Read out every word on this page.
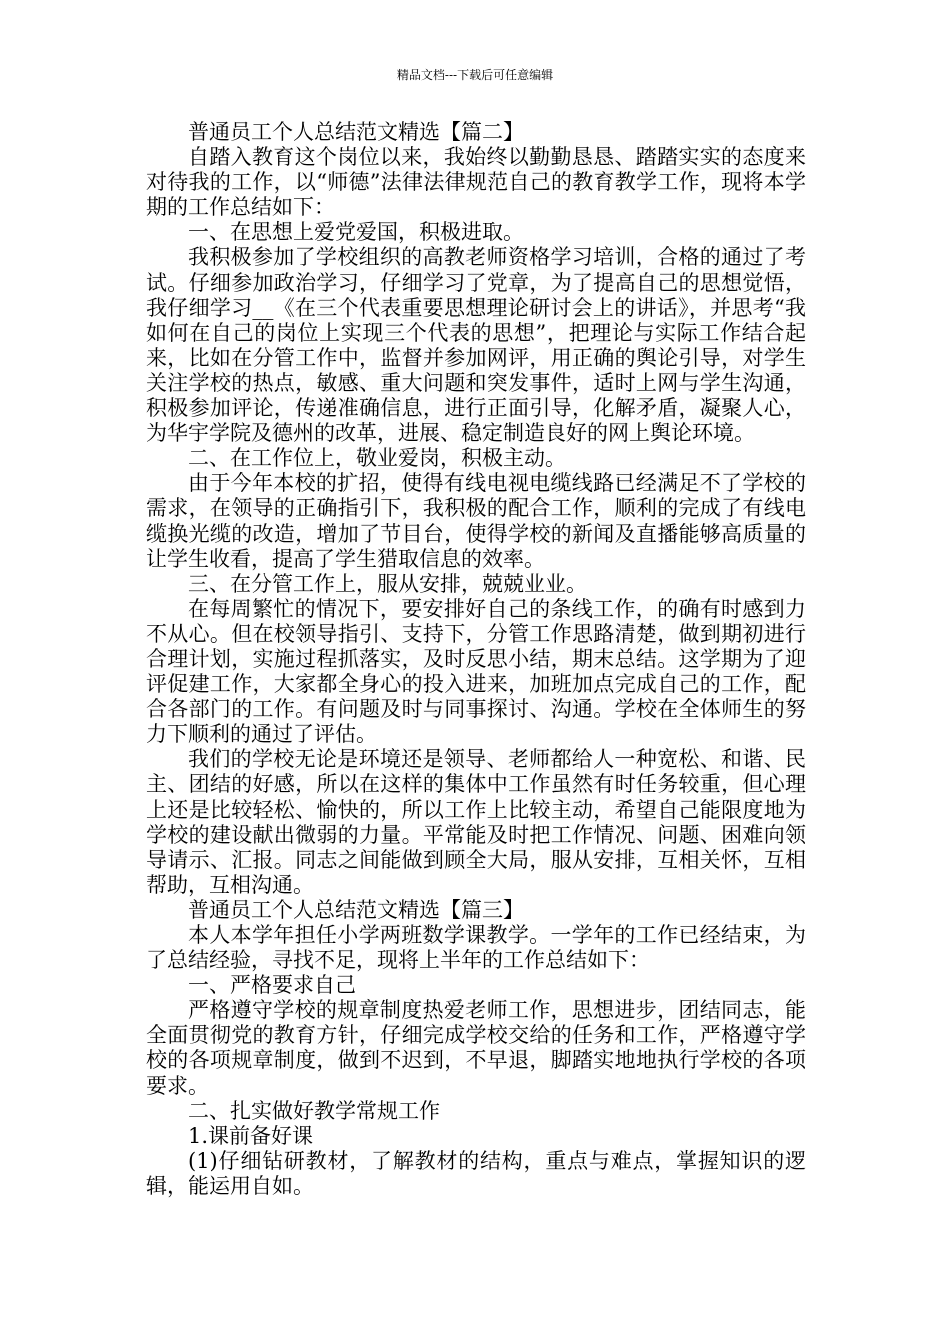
精品文档---下载后可任意编辑

普通员工个人总结范文精选【篇二】

自踏入教育这个岗位以来，我始终以勤勤恳恳、踏踏实实的态度来对待我的工作，以“师德”法律法律规范自己的教育教学工作，现将本学期的工作总结如下：

一、在思想上爱党爱国，积极进取。

我积极参加了学校组织的高教老师资格学习培训，合格的通过了考试。仔细参加政治学习，仔细学习了党章，为了提高自己的思想觉悟，我仔细学习__《在三个代表重要思想理论研讨会上的讲话》，并思考“我如何在自己的岗位上实现三个代表的思想”，把理论与实际工作结合起来，比如在分管工作中，监督并参加网评，用正确的舆论引导，对学生关注学校的热点，敏感、重大问题和突发事件，适时上网与学生沟通，积极参加评论，传递准确信息，进行正面引导，化解矛盾，凝聚人心，为华宇学院及德州的改革，进展、稳定制造良好的网上舆论环境。

二、在工作位上，敬业爱岗，积极主动。

由于今年本校的扩招，使得有线电视电缆线路已经满足不了学校的需求，在领导的正确指引下，我积极的配合工作，顺利的完成了有线电缆换光缆的改造，增加了节目台，使得学校的新闻及直播能够高质量的让学生收看，提高了学生猎取信息的效率。

三、在分管工作上，服从安排，兢兢业业。

在每周繁忙的情况下，要安排好自己的条线工作，的确有时感到力不从心。但在校领导指引、支持下，分管工作思路清楚，做到期初进行合理计划，实施过程抓落实，及时反思小结，期末总结。这学期为了迎评促建工作，大家都全身心的投入进来，加班加点完成自己的工作，配合各部门的工作。有问题及时与同事探讨、沟通。学校在全体师生的努力下顺利的通过了评估。

我们的学校无论是环境还是领导、老师都给人一种宽松、和谐、民主、团结的好感，所以在这样的集体中工作虽然有时任务较重，但心理上还是比较轻松、愉快的，所以工作上比较主动，希望自己能限度地为学校的建设献出微弱的力量。平常能及时把工作情况、问题、困难向领导请示、汇报。同志之间能做到顾全大局，服从安排，互相关怀，互相帮助，互相沟通。

普通员工个人总结范文精选【篇三】

本人本学年担任小学两班数学课教学。一学年的工作已经结束，为了总结经验，寻找不足，现将上半年的工作总结如下：

一、严格要求自己

严格遵守学校的规章制度热爱老师工作，思想进步，团结同志，能全面贯彻党的教育方针，仔细完成学校交给的任务和工作，严格遵守学校的各项规章制度，做到不迟到，不早退，脚踏实地地执行学校的各项要求。

二、扎实做好教学常规工作

1.课前备好课

(1)仔细钻研教材，了解教材的结构，重点与难点，掌握知识的逻辑，能运用自如。
